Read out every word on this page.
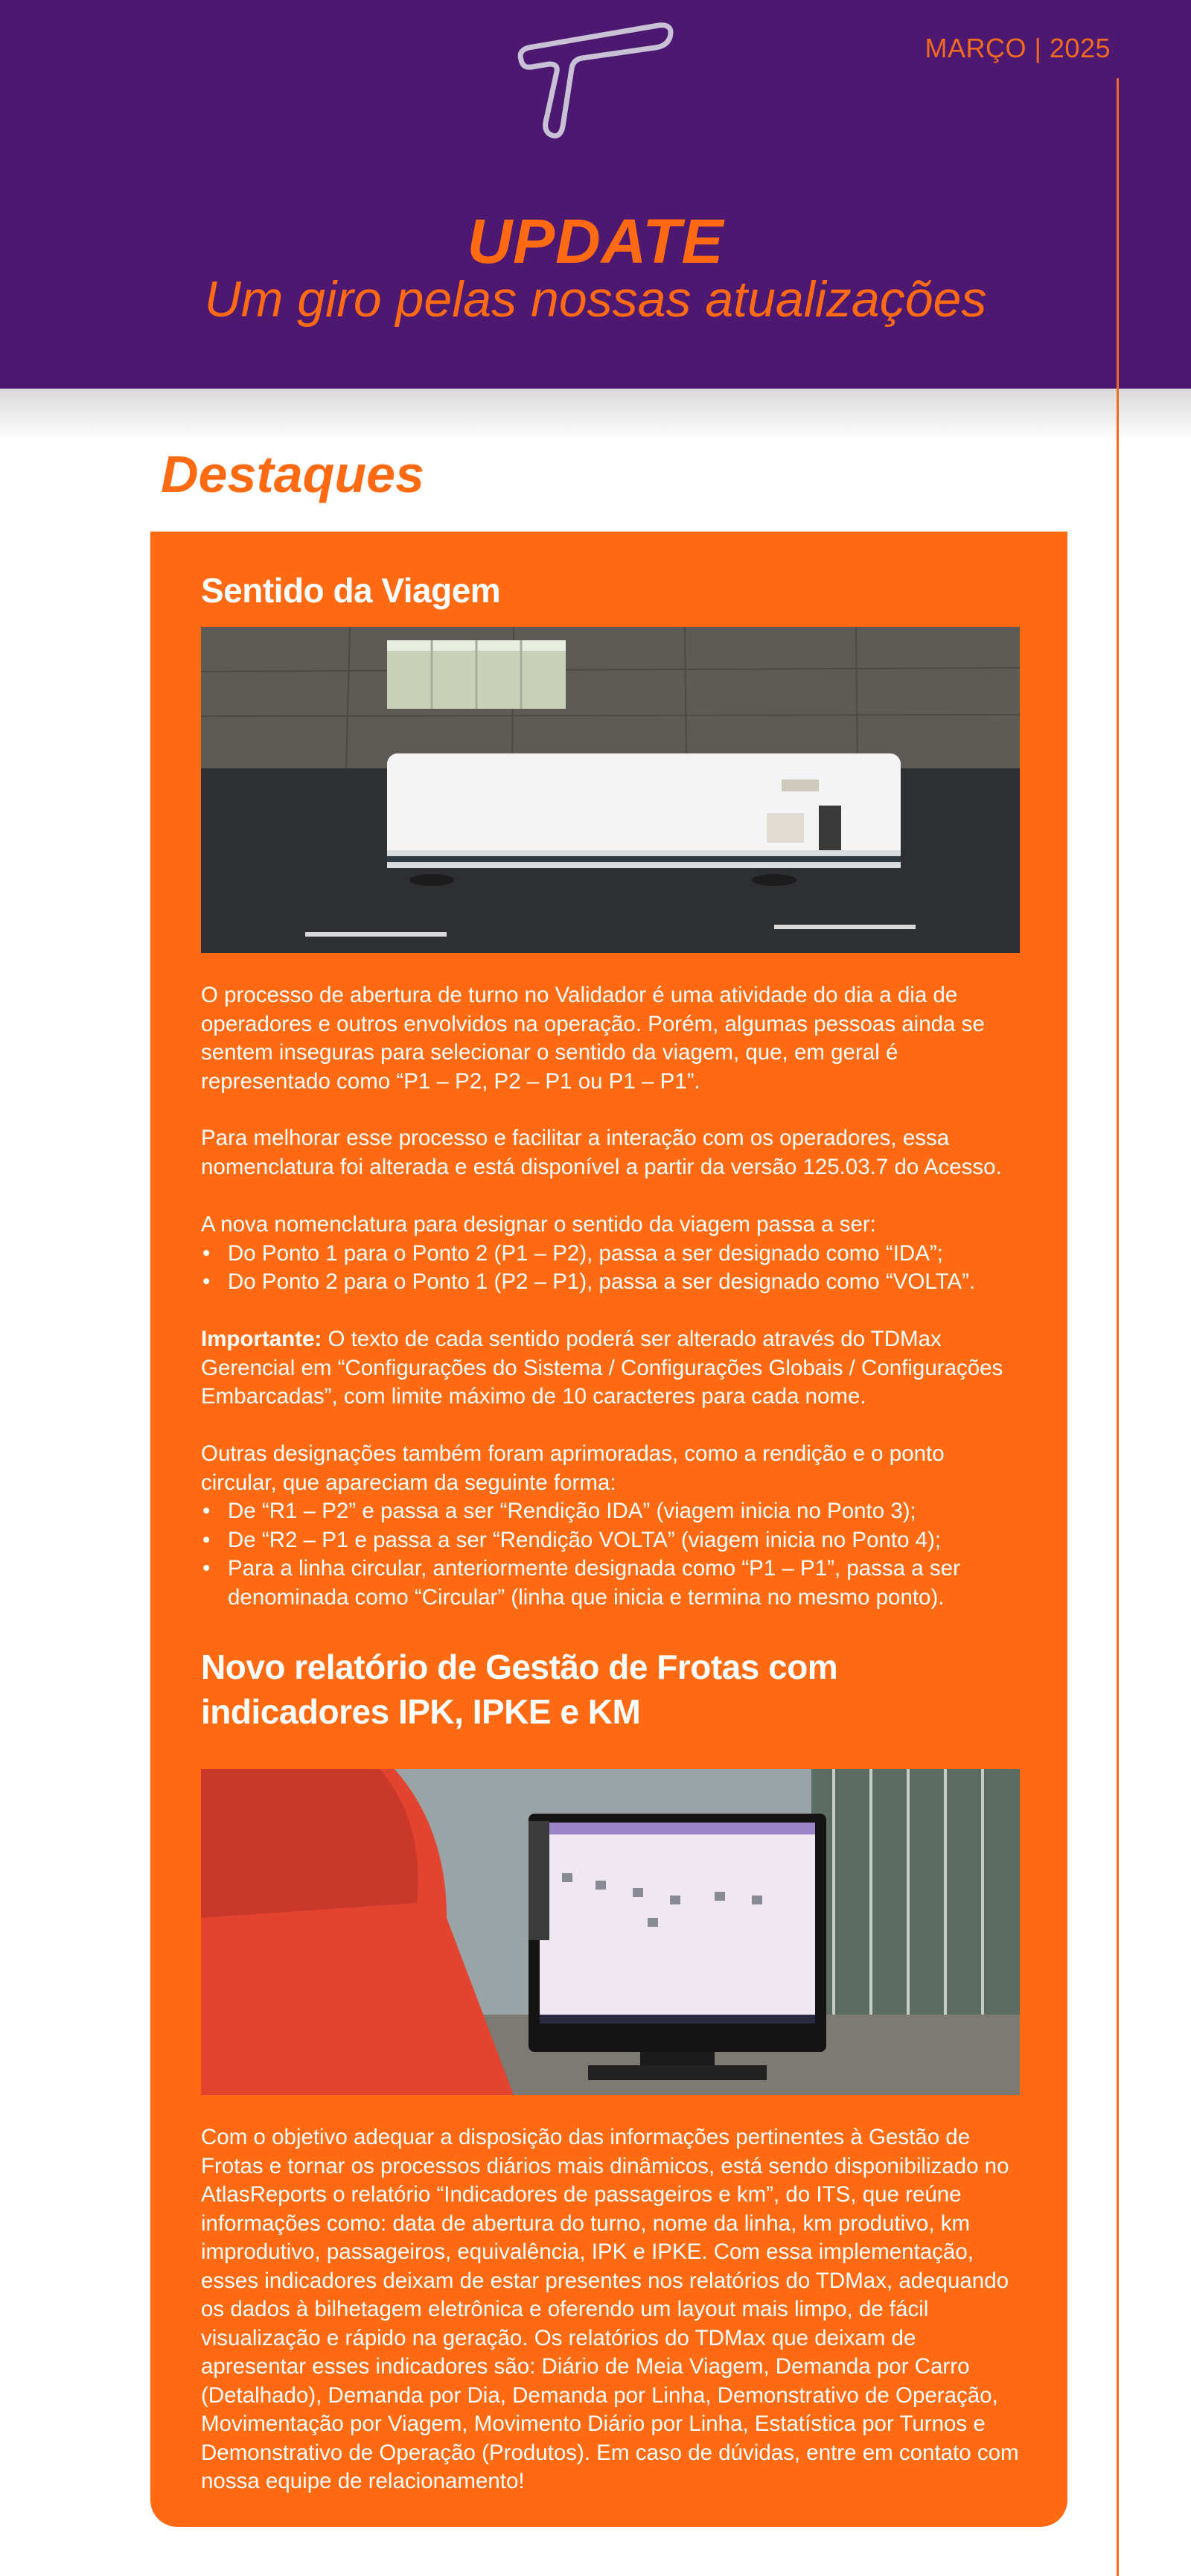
MARÇO | 2025
UPDATE
Um giro pelas nossas atualizações
Destaques
Sentido da Viagem

O processo de abertura de turno no Validador é uma atividade do dia a dia de operadores e outros envolvidos na operação. Porém, algumas pessoas ainda se sentem inseguras para selecionar o sentido da viagem, que, em geral é representado como “P1 – P2, P2 – P1 ou P1 – P1”.

Para melhorar esse processo e facilitar a interação com os operadores, essa nomenclatura foi alterada e está disponível a partir da versão 125.03.7 do Acesso.

A nova nomenclatura para designar o sentido da viagem passa a ser:

• Do Ponto 1 para o Ponto 2 (P1 – P2), passa a ser designado como “IDA”;
• Do Ponto 2 para o Ponto 1 (P2 – P1), passa a ser designado como “VOLTA”.

Importante: O texto de cada sentido poderá ser alterado através do TDMax Gerencial em “Configurações do Sistema / Configurações Globais / Configurações Embarcadas”, com limite máximo de 10 caracteres para cada nome.

Outras designações também foram aprimoradas, como a rendição e o ponto circular, que apareciam da seguinte forma:

• De “R1 – P2” e passa a ser “Rendição IDA” (viagem inicia no Ponto 3);
• De “R2 – P1 e passa a ser “Rendição VOLTA” (viagem inicia no Ponto 4);
• Para a linha circular, anteriormente designada como “P1 – P1”, passa a ser denominada como “Circular” (linha que inicia e termina no mesmo ponto).
Novo relatório de Gestão de Frotas com indicadores IPK, IPKE e KM

Com o objetivo adequar a disposição das informações pertinentes à Gestão de Frotas e tornar os processos diários mais dinâmicos, está sendo disponibilizado no AtlasReports o relatório “Indicadores de passageiros e km”, do ITS, que reúne informações como: data de abertura do turno, nome da linha, km produtivo, km improdutivo, passageiros, equivalência, IPK e IPKE. Com essa implementação, esses indicadores deixam de estar presentes nos relatórios do TDMax, adequando os dados à bilhetagem eletrônica e oferendo um layout mais limpo, de fácil visualização e rápido na geração. Os relatórios do TDMax que deixam de apresentar esses indicadores são: Diário de Meia Viagem, Demanda por Carro (Detalhado), Demanda por Dia, Demanda por Linha, Demonstrativo de Operação, Movimentação por Viagem, Movimento Diário por Linha, Estatística por Turnos e Demonstrativo de Operação (Produtos). Em caso de dúvidas, entre em contato com nossa equipe de relacionamento!
